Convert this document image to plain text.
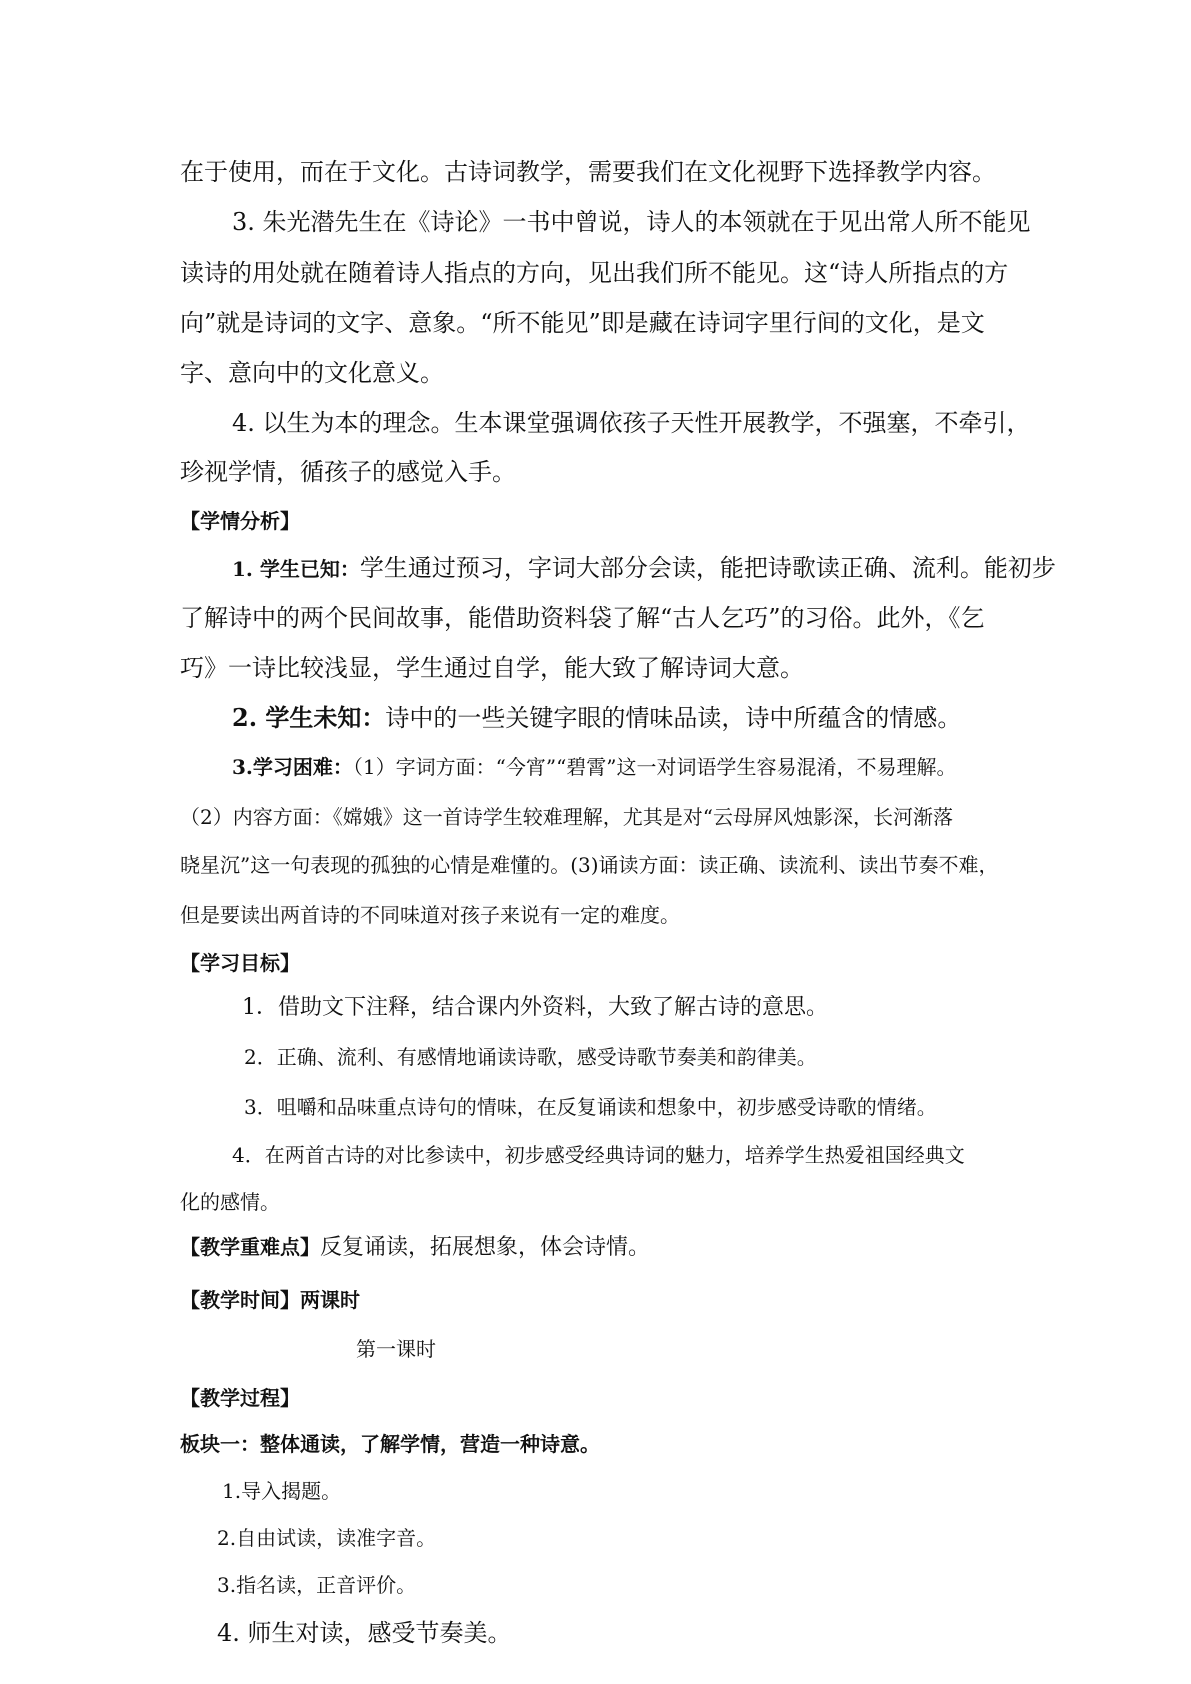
在于使用，而在于文化。古诗词教学，需要我们在文化视野下选择教学内容。
3. 朱光潜先生在《诗论》一书中曾说，诗人的本领就在于见出常人所不能见
读诗的用处就在随着诗人指点的方向，见出我们所不能见。这“诗人所指点的方
向”就是诗词的文字、意象。“所不能见”即是藏在诗词字里行间的文化，是文
字、意向中的文化意义。
4. 以生为本的理念。生本课堂强调依孩子天性开展教学，不强塞，不牵引，
珍视学情，循孩子的感觉入手。
【学情分析】
1. 学生已知：学生通过预习，字词大部分会读，能把诗歌读正确、流利。能初步
了解诗中的两个民间故事，能借助资料袋了解“古人乞巧”的习俗。此外，《乞
巧》一诗比较浅显，学生通过自学，能大致了解诗词大意。
2. 学生未知：诗中的一些关键字眼的情味品读，诗中所蕴含的情感。
3.学习困难：（1）字词方面：“今宵”“碧霄”这一对词语学生容易混淆，不易理解。
（2）内容方面：《嫦娥》这一首诗学生较难理解，尤其是对“云母屏风烛影深，长河渐落
晓星沉”这一句表现的孤独的心情是难懂的。(3)诵读方面：读正确、读流利、读出节奏不难，
但是要读出两首诗的不同味道对孩子来说有一定的难度。
【学习目标】
1．借助文下注释，结合课内外资料，大致了解古诗的意思。
2．正确、流利、有感情地诵读诗歌，感受诗歌节奏美和韵律美。
3．咀嚼和品味重点诗句的情味，在反复诵读和想象中，初步感受诗歌的情绪。
4．在两首古诗的对比参读中，初步感受经典诗词的魅力，培养学生热爱祖国经典文
化的感情。
【教学重难点】反复诵读，拓展想象，体会诗情。
【教学时间】两课时
第一课时
【教学过程】
板块一：整体通读，了解学情，营造一种诗意。
1.导入揭题。
2.自由试读，读准字音。
3.指名读，正音评价。
4. 师生对读，感受节奏美。
